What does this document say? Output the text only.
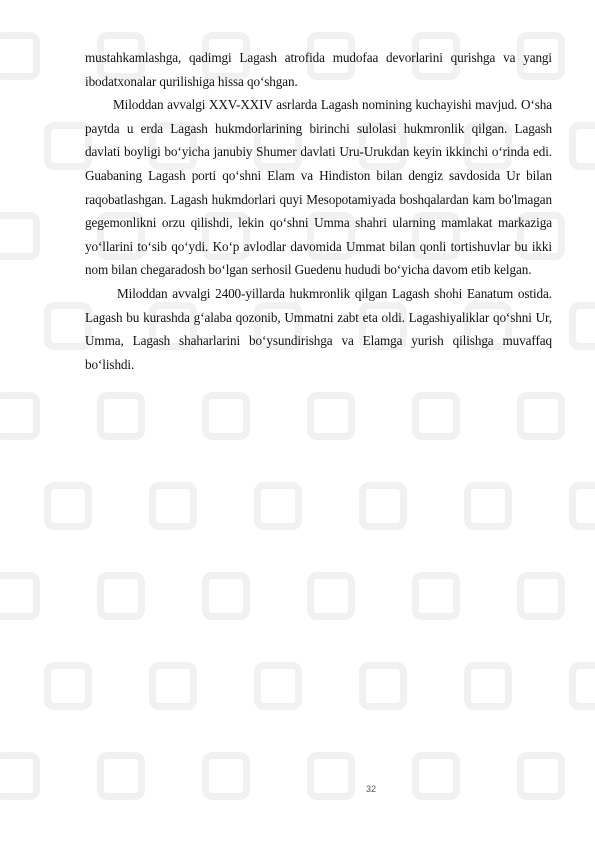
mustahkamlashga, qadimgi Lagash atrofida mudofaa devorlarini qurishga va yangi ibodatxonalar qurilishiga hissa qo‘shgan.

Miloddan avvalgi XXV-XXIV asrlarda Lagash nomining kuchayishi mavjud. O‘sha paytda u erda Lagash hukmdorlarining birinchi sulolasi hukmronlik qilgan. Lagash davlati boyligi bo‘yicha janubiy Shumer davlati Uru-Urukdan keyin ikkinchi o‘rinda edi. Guabaning Lagash porti qo‘shni Elam va Hindiston bilan dengiz savdosida Ur bilan raqobatlashgan. Lagash hukmdorlari quyi Mesopotamiyada boshqalardan kam bo'lmagan gegemonlikni orzu qilishdi, lekin qo‘shni Umma shahri ularning mamlakat markaziga yo‘llarini to‘sib qo‘ydi. Ko‘p avlodlar davomida Ummat bilan qonli tortishuvlar bu ikki nom bilan chegaradosh bo‘lgan serhosil Guedenu hududi bo‘yicha davom etib kelgan.

Miloddan avvalgi 2400-yillarda hukmronlik qilgan Lagash shohi Eanatum ostida. Lagash bu kurashda g‘alaba qozonib, Ummatni zabt eta oldi. Lagashiyaliklar qo‘shni Ur, Umma, Lagash shaharlarini bo‘ysundirishga va Elamga yurish qilishga muvaffaq bo‘lishdi.

32
